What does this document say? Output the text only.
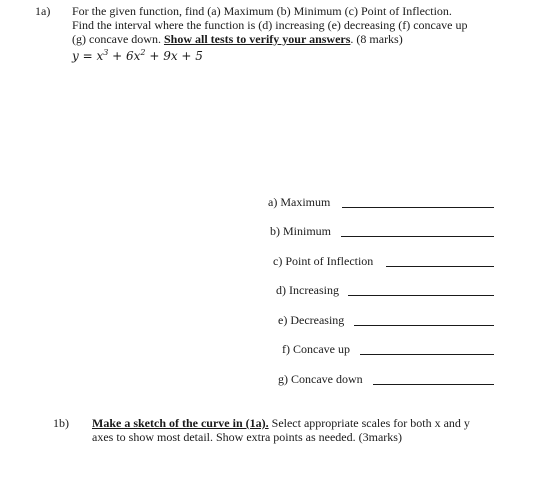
1a) For the given function, find (a) Maximum (b) Minimum (c) Point of Inflection.
Find the interval where the function is (d) increasing (e) decreasing (f) concave up
(g) concave down. Show all tests to verify your answers. (8 marks)
$y = x^3 + 6x^2 + 9x + 5$
a) Maximum
b) Minimum
c) Point of Inflection
d) Increasing
e) Decreasing
f) Concave up
g) Concave down
1b) Make a sketch of the curve in (1a). Select appropriate scales for both x and y
axes to show most detail. Show extra points as needed. (3marks)
